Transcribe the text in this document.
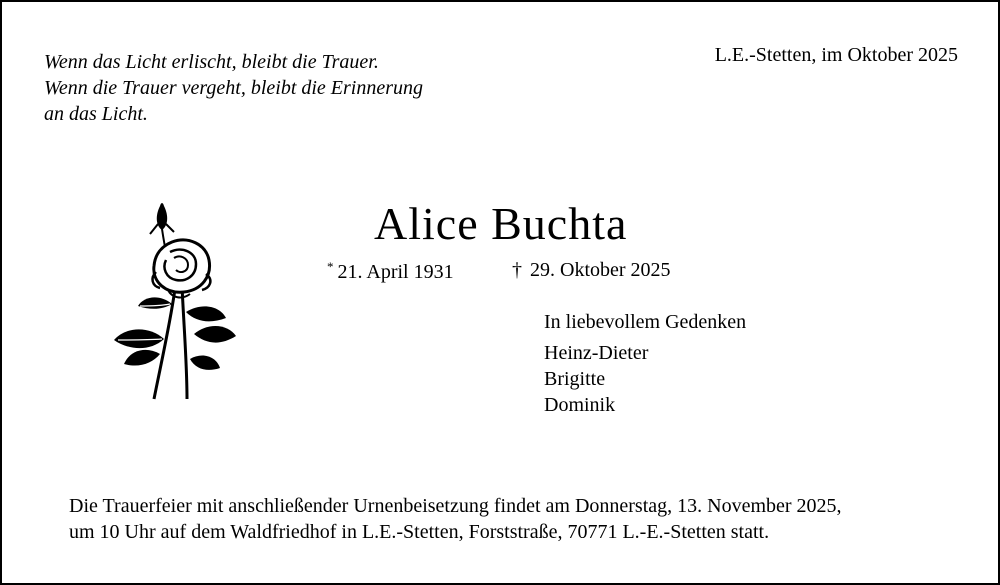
Wenn das Licht erlischt, bleibt die Trauer.
Wenn die Trauer vergeht, bleibt die Erinnerung
an das Licht.
L.E.-Stetten, im Oktober 2025
Alice Buchta
* 21. April 1931	† 29. Oktober 2025
In liebevollem Gedenken
Heinz-Dieter
Brigitte
Dominik
Die Trauerfeier mit anschließender Urnenbeisetzung findet am Donnerstag, 13. November 2025,
um 10 Uhr auf dem Waldfriedhof in L.E.-Stetten, Forststraße, 70771 L.-E.-Stetten statt.
